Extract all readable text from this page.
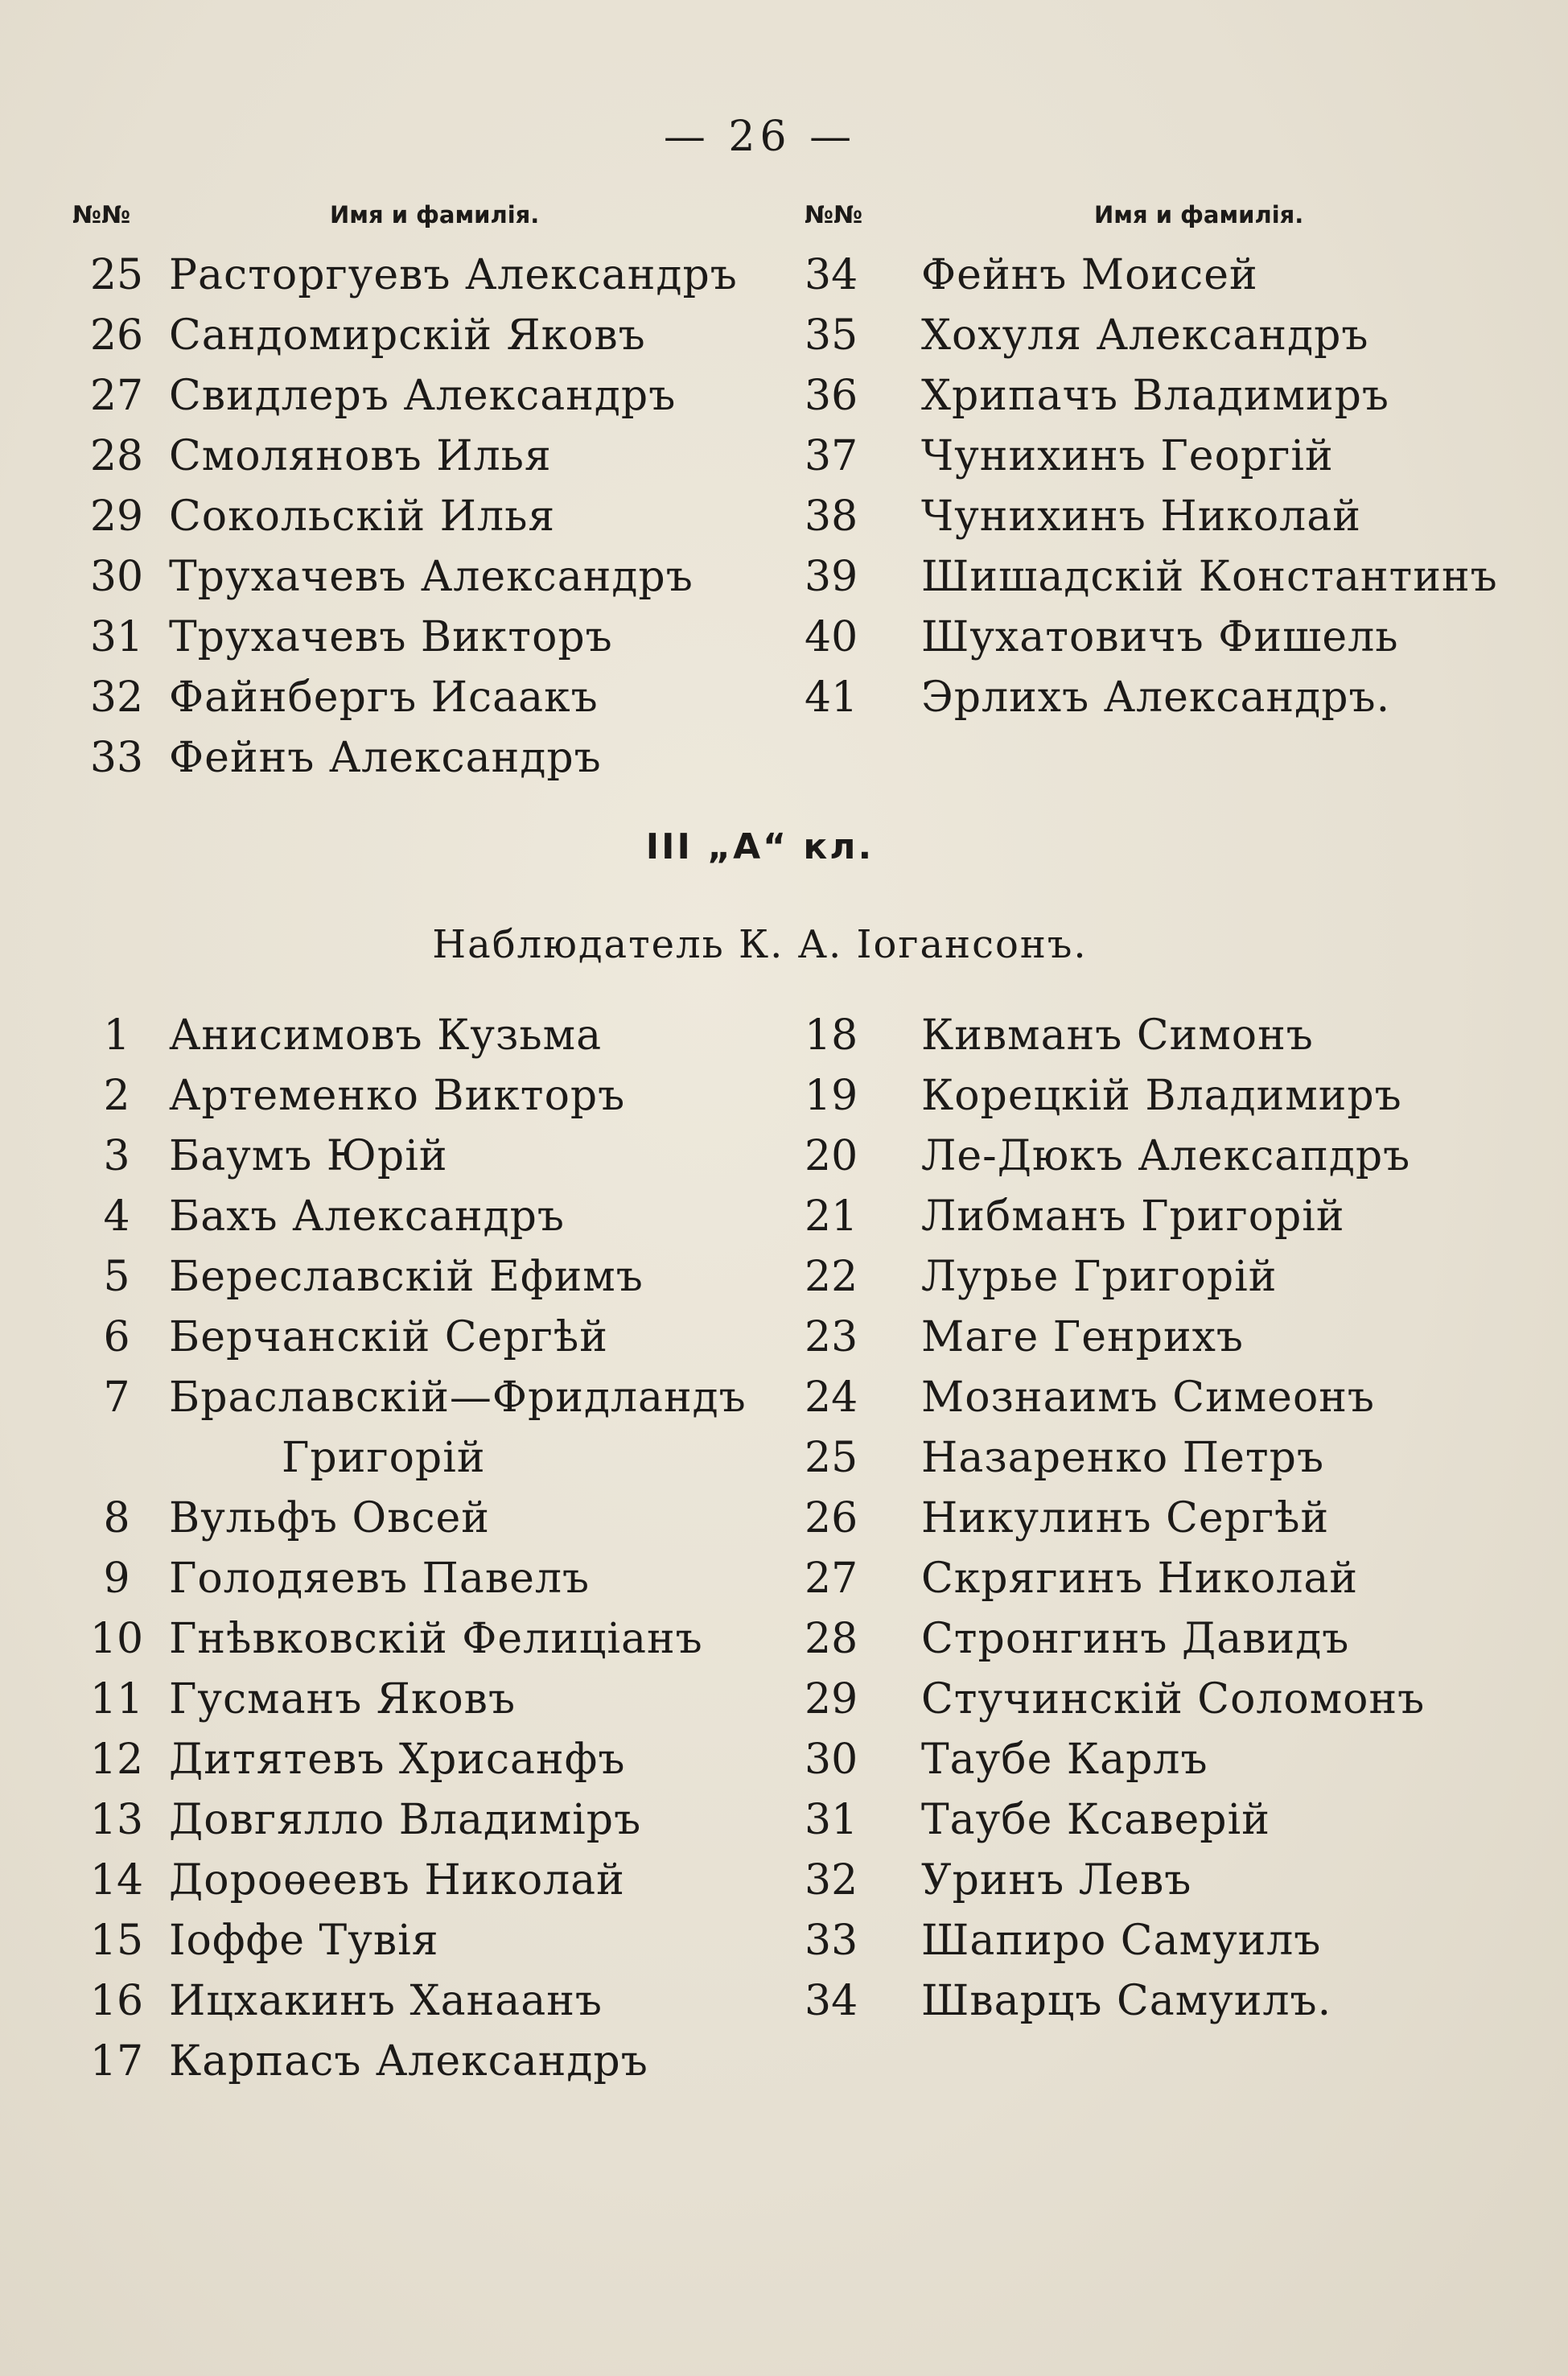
— 26 —
№№	Имя и фамилія.
25 Расторгуевъ Александръ
26 Сандомирскій Яковъ
27 Свидлеръ Александръ
28 Смоляновъ Илья
29 Сокольскій Илья
30 Трухачевъ Александръ
31 Трухачевъ Викторъ
32 Файнбергъ Исаакъ
33 Фейнъ Александръ
№№	Имя и фамилія.
34	Фейнъ Моисей
35	Хохуля Александръ
36	Хрипачъ Владимиръ
37	Чунихинъ Георгій
38	Чунихинъ Николай
39	Шишадскій Константинъ
40	Шухатовичъ Фишель
41	Эрлихъ Александръ.
III „А“ кл.
Наблюдатель К. А. Іогансонъ.
1 Анисимовъ Кузьма
2 Артеменко Викторъ
3 Баумъ Юрій
4 Бахъ Александръ
5 Береславскій Ефимъ
6 Берчанскій Сергѣй
7 Браславскій—Фридландъ
Григорій
8 Вульфъ Овсей
9 Голодяевъ Павелъ
10 Гнѣвковскій Фелиціанъ
11 Гусманъ Яковъ
12 Дитятевъ Хрисанфъ
13 Довгялло Владиміръ
14 Дороѳеевъ Николай
15 Іоффе Тувія
16 Ицхакинъ Ханаанъ
17 Карпасъ Александръ
18	Кивманъ Симонъ
19	Корецкій Владимиръ
20	Ле-Дюкъ Алексапдръ
21	Либманъ Григорій
22	Лурье Григорій
23	Маге Генрихъ
24	Мознаимъ Симеонъ
25	Назаренко Петръ
26	Никулинъ Сергѣй
27	Скрягинъ Николай
28	Стронгинъ Давидъ
29	Стучинскій Соломонъ
30	Таубе Карлъ
31	Таубе Ксаверій
32	Уринъ Левъ
33	Шапиро Самуилъ
34	Шварцъ Самуилъ.
